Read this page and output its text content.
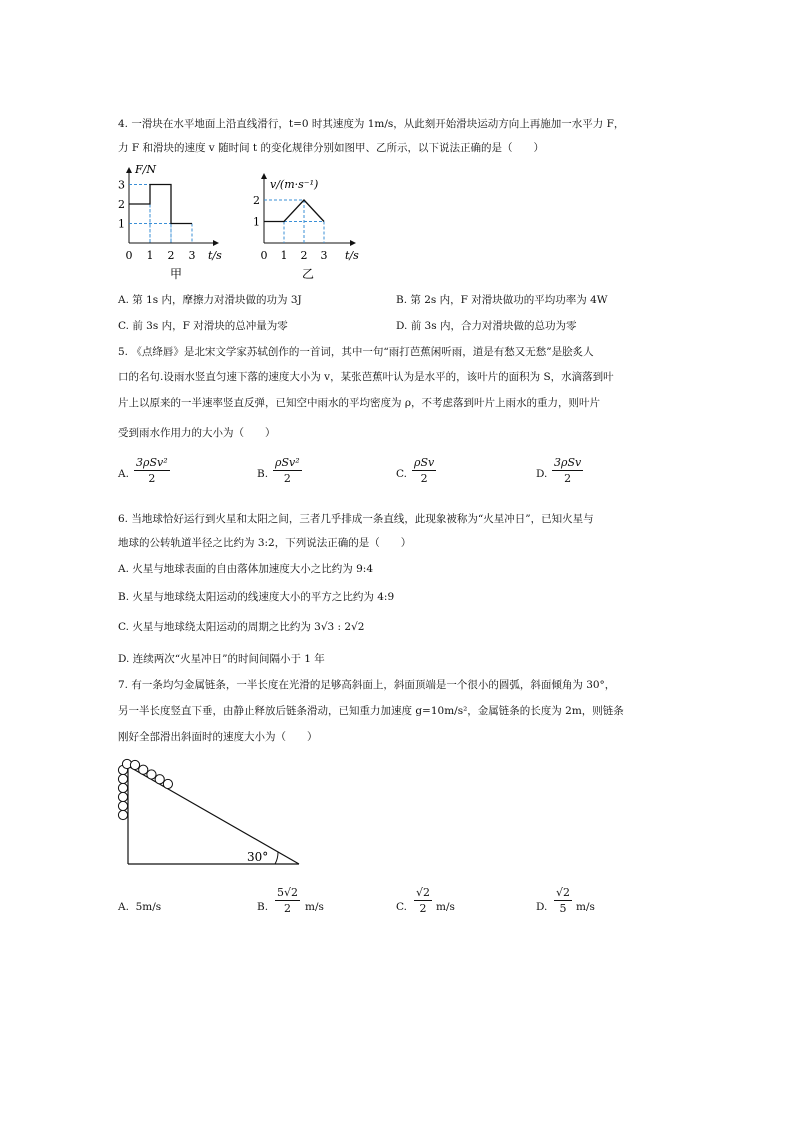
4. 一滑块在水平地面上沿直线滑行，t=0 时其速度为 1m/s，从此刻开始滑块运动方向上再施加一水平力 F，
力 F 和滑块的速度 v 随时间 t 的变化规律分别如图甲、乙所示，以下说法正确的是（　　）
F/N
t/s
1
2
3
0 1 2 3
甲
v/(m·s⁻¹)
t/s
1
2
0 1 2 3
乙
A. 第 1s 内，摩擦力对滑块做的功为 3J	B. 第 2s 内，F 对滑块做功的平均功率为 4W
C. 前 3s 内，F 对滑块的总冲量为零	D. 前 3s 内，合力对滑块做的总功为零
5. 《点绛唇》是北宋文学家苏轼创作的一首词，其中一句“雨打芭蕉闲听雨，道是有愁又无愁”是脍炙人
口的名句.设雨水竖直匀速下落的速度大小为 v，某张芭蕉叶认为是水平的，该叶片的面积为 S，水滴落到叶
片上以原来的一半速率竖直反弹，已知空中雨水的平均密度为 ρ，不考虑落到叶片上雨水的重力，则叶片
受到雨水作用力的大小为（　　）
A.
3ρSv²
2	B.
ρSv²
2	C.
ρSv
2	D.
3ρSv
2
6. 当地球恰好运行到火星和太阳之间，三者几乎排成一条直线，此现象被称为“火星冲日”，已知火星与
地球的公转轨道半径之比约为 3:2，下列说法正确的是（　　）
A. 火星与地球表面的自由落体加速度大小之比约为 9:4
B. 火星与地球绕太阳运动的线速度大小的平方之比约为 4:9
C. 火星与地球绕太阳运动的周期之比约为 3√3 : 2√2
D. 连续两次“火星冲日”的时间间隔小于 1 年
7. 有一条均匀金属链条，一半长度在光滑的足够高斜面上，斜面顶端是一个很小的圆弧，斜面倾角为 30°，
另一半长度竖直下垂，由静止释放后链条滑动，已知重力加速度 g=10m/s²，金属链条的长度为 2m，则链条
刚好全部滑出斜面时的速度大小为（　　）
30°
A. 5m/s	B.
5√2
2	m/s	C.
√2
2 m/s	D.
√2
5 m/s
